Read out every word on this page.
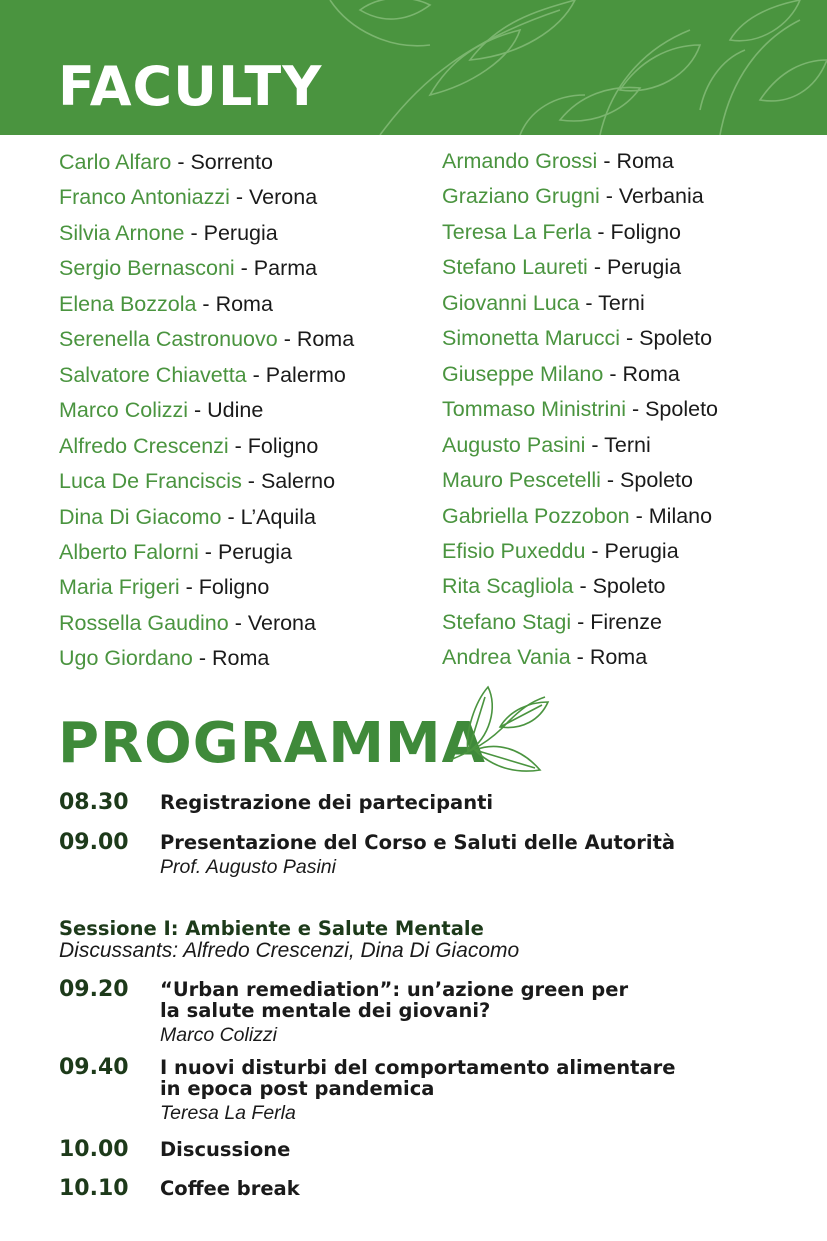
FACULTY
Carlo Alfaro - Sorrento
Franco Antoniazzi - Verona
Silvia Arnone - Perugia
Sergio Bernasconi - Parma
Elena Bozzola - Roma
Serenella Castronuovo - Roma
Salvatore Chiavetta - Palermo
Marco Colizzi - Udine
Alfredo Crescenzi - Foligno
Luca De Franciscis - Salerno
Dina Di Giacomo - L’Aquila
Alberto Falorni - Perugia
Maria Frigeri - Foligno
Rossella Gaudino - Verona
Ugo Giordano - Roma
Armando Grossi - Roma
Graziano Grugni - Verbania
Teresa La Ferla - Foligno
Stefano Laureti - Perugia
Giovanni Luca - Terni
Simonetta Marucci - Spoleto
Giuseppe Milano - Roma
Tommaso Ministrini - Spoleto
Augusto Pasini - Terni
Mauro Pescetelli - Spoleto
Gabriella Pozzobon - Milano
Efisio Puxeddu - Perugia
Rita Scagliola - Spoleto
Stefano Stagi - Firenze
Andrea Vania - Roma
PROGRAMMA
08.30	Registrazione dei partecipanti
09.00	Presentazione del Corso e Saluti delle Autorità
Prof. Augusto Pasini
09.20	“Urban remediation”: un’azione green per
la salute mentale dei giovani?
Marco Colizzi
09.40	I nuovi disturbi del comportamento alimentare
in epoca post pandemica
Teresa La Ferla
10.00	Discussione
10.10	Coffee break
Sessione I: Ambiente e Salute Mentale
Discussants: Alfredo Crescenzi, Dina Di Giacomo
